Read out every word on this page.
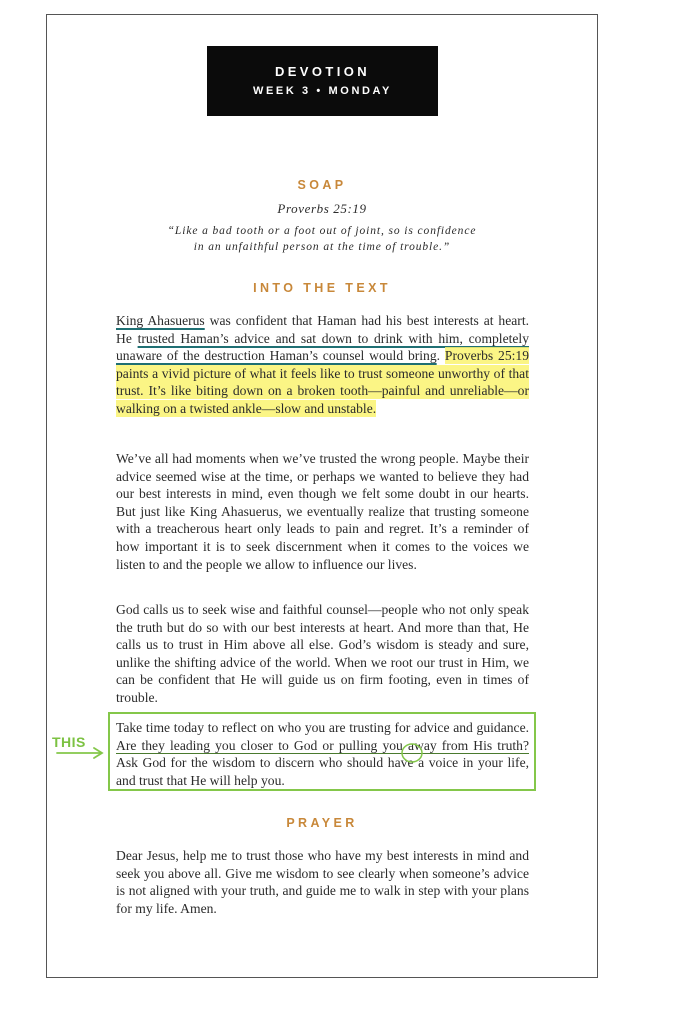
DEVOTION
WEEK 3 • MONDAY
SOAP
Proverbs 25:19
“Like a bad tooth or a foot out of joint, so is confidence
in an unfaithful person at the time of trouble.”
INTO THE TEXT

King Ahasuerus was confident that Haman had his best interests at heart. He trusted Haman’s advice and sat down to drink with him, completely unaware of the destruction Haman’s counsel would bring. Proverbs 25:19 paints a vivid picture of what it feels like to trust someone unworthy of that trust. It’s like biting down on a broken tooth—painful and unreliable—or walking on a twisted ankle—slow and unstable.

We’ve all had moments when we’ve trusted the wrong people. Maybe their advice seemed wise at the time, or perhaps we wanted to believe they had our best interests in mind, even though we felt some doubt in our hearts. But just like King Ahasuerus, we eventually realize that trusting someone with a treacherous heart only leads to pain and regret. It’s a reminder of how important it is to seek discernment when it comes to the voices we listen to and the people we allow to influence our lives.

God calls us to seek wise and faithful counsel—people who not only speak the truth but do so with our best interests at heart. And more than that, He calls us to trust in Him above all else. God’s wisdom is steady and sure, unlike the shifting advice of the world. When we root our trust in Him, we can be confident that He will guide us on firm footing, even in times of trouble.

THIS

Take time today to reflect on who you are trusting for advice and guidance. Are they leading you closer to God or pulling you away from His truth? Ask God for the wisdom to discern who should have a voice in your life, and trust that He will help you.

PRAYER

Dear Jesus, help me to trust those who have my best interests in mind and seek you above all. Give me wisdom to see clearly when someone’s advice is not aligned with your truth, and guide me to walk in step with your plans for my life. Amen.
